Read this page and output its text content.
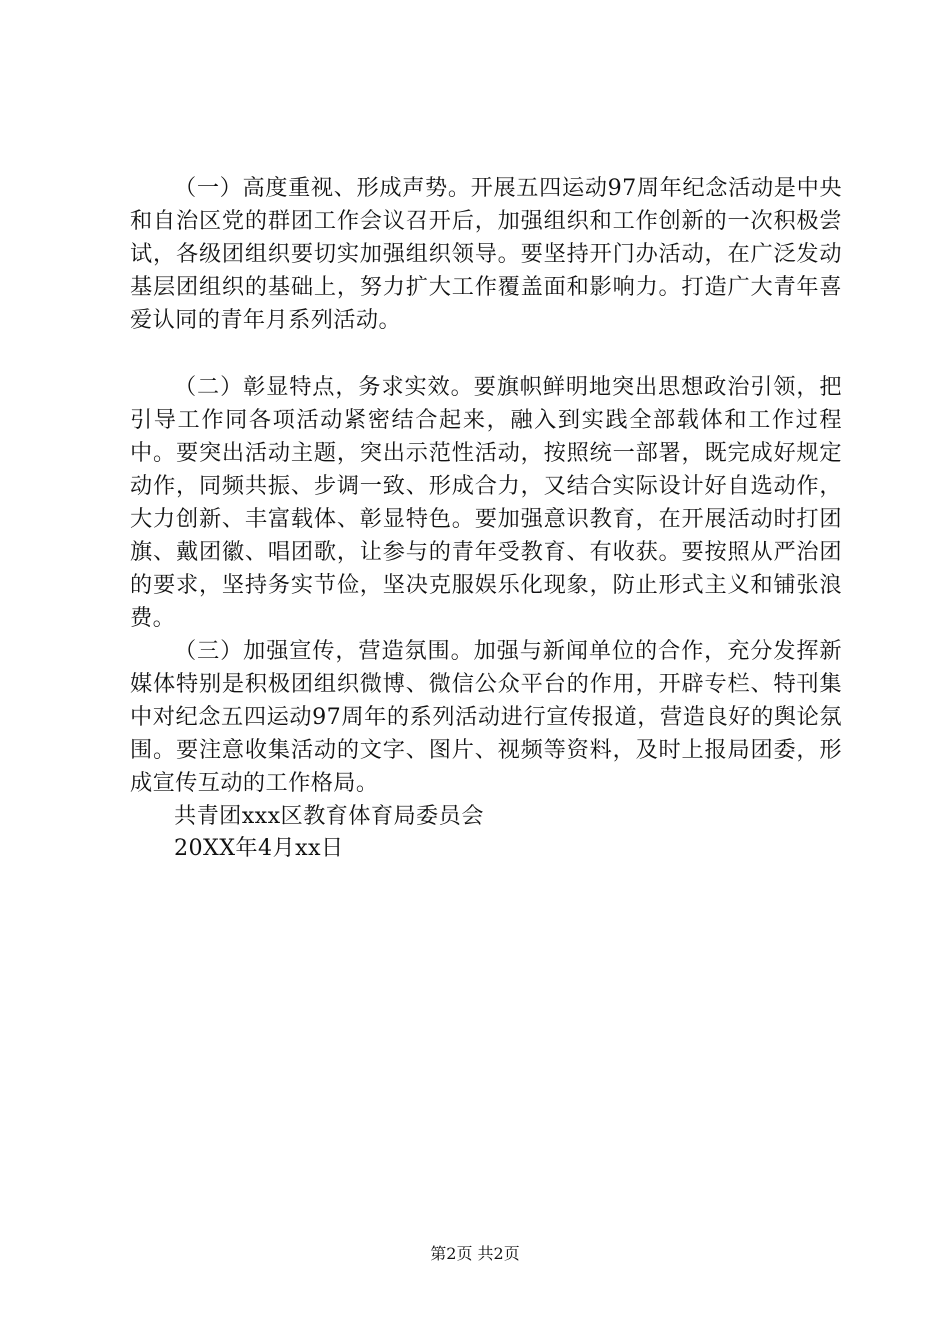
（一）高度重视、形成声势。开展五四运动97周年纪念活动是中央和自治区党的群团工作会议召开后，加强组织和工作创新的一次积极尝试，各级团组织要切实加强组织领导。要坚持开门办活动，在广泛发动基层团组织的基础上，努力扩大工作覆盖面和影响力。打造广大青年喜爱认同的青年月系列活动。

（二）彰显特点，务求实效。要旗帜鲜明地突出思想政治引领，把引导工作同各项活动紧密结合起来，融入到实践全部载体和工作过程中。要突出活动主题，突出示范性活动，按照统一部署，既完成好规定动作，同频共振、步调一致、形成合力，又结合实际设计好自选动作，大力创新、丰富载体、彰显特色。要加强意识教育，在开展活动时打团旗、戴团徽、唱团歌，让参与的青年受教育、有收获。要按照从严治团的要求，坚持务实节俭，坚决克服娱乐化现象，防止形式主义和铺张浪费。

（三）加强宣传，营造氛围。加强与新闻单位的合作，充分发挥新媒体特别是积极团组织微博、微信公众平台的作用，开辟专栏、特刊集中对纪念五四运动97周年的系列活动进行宣传报道，营造良好的舆论氛围。要注意收集活动的文字、图片、视频等资料，及时上报局团委，形成宣传互动的工作格局。

共青团xxx区教育体育局委员会

20XX年4月xx日

第2页 共2页
